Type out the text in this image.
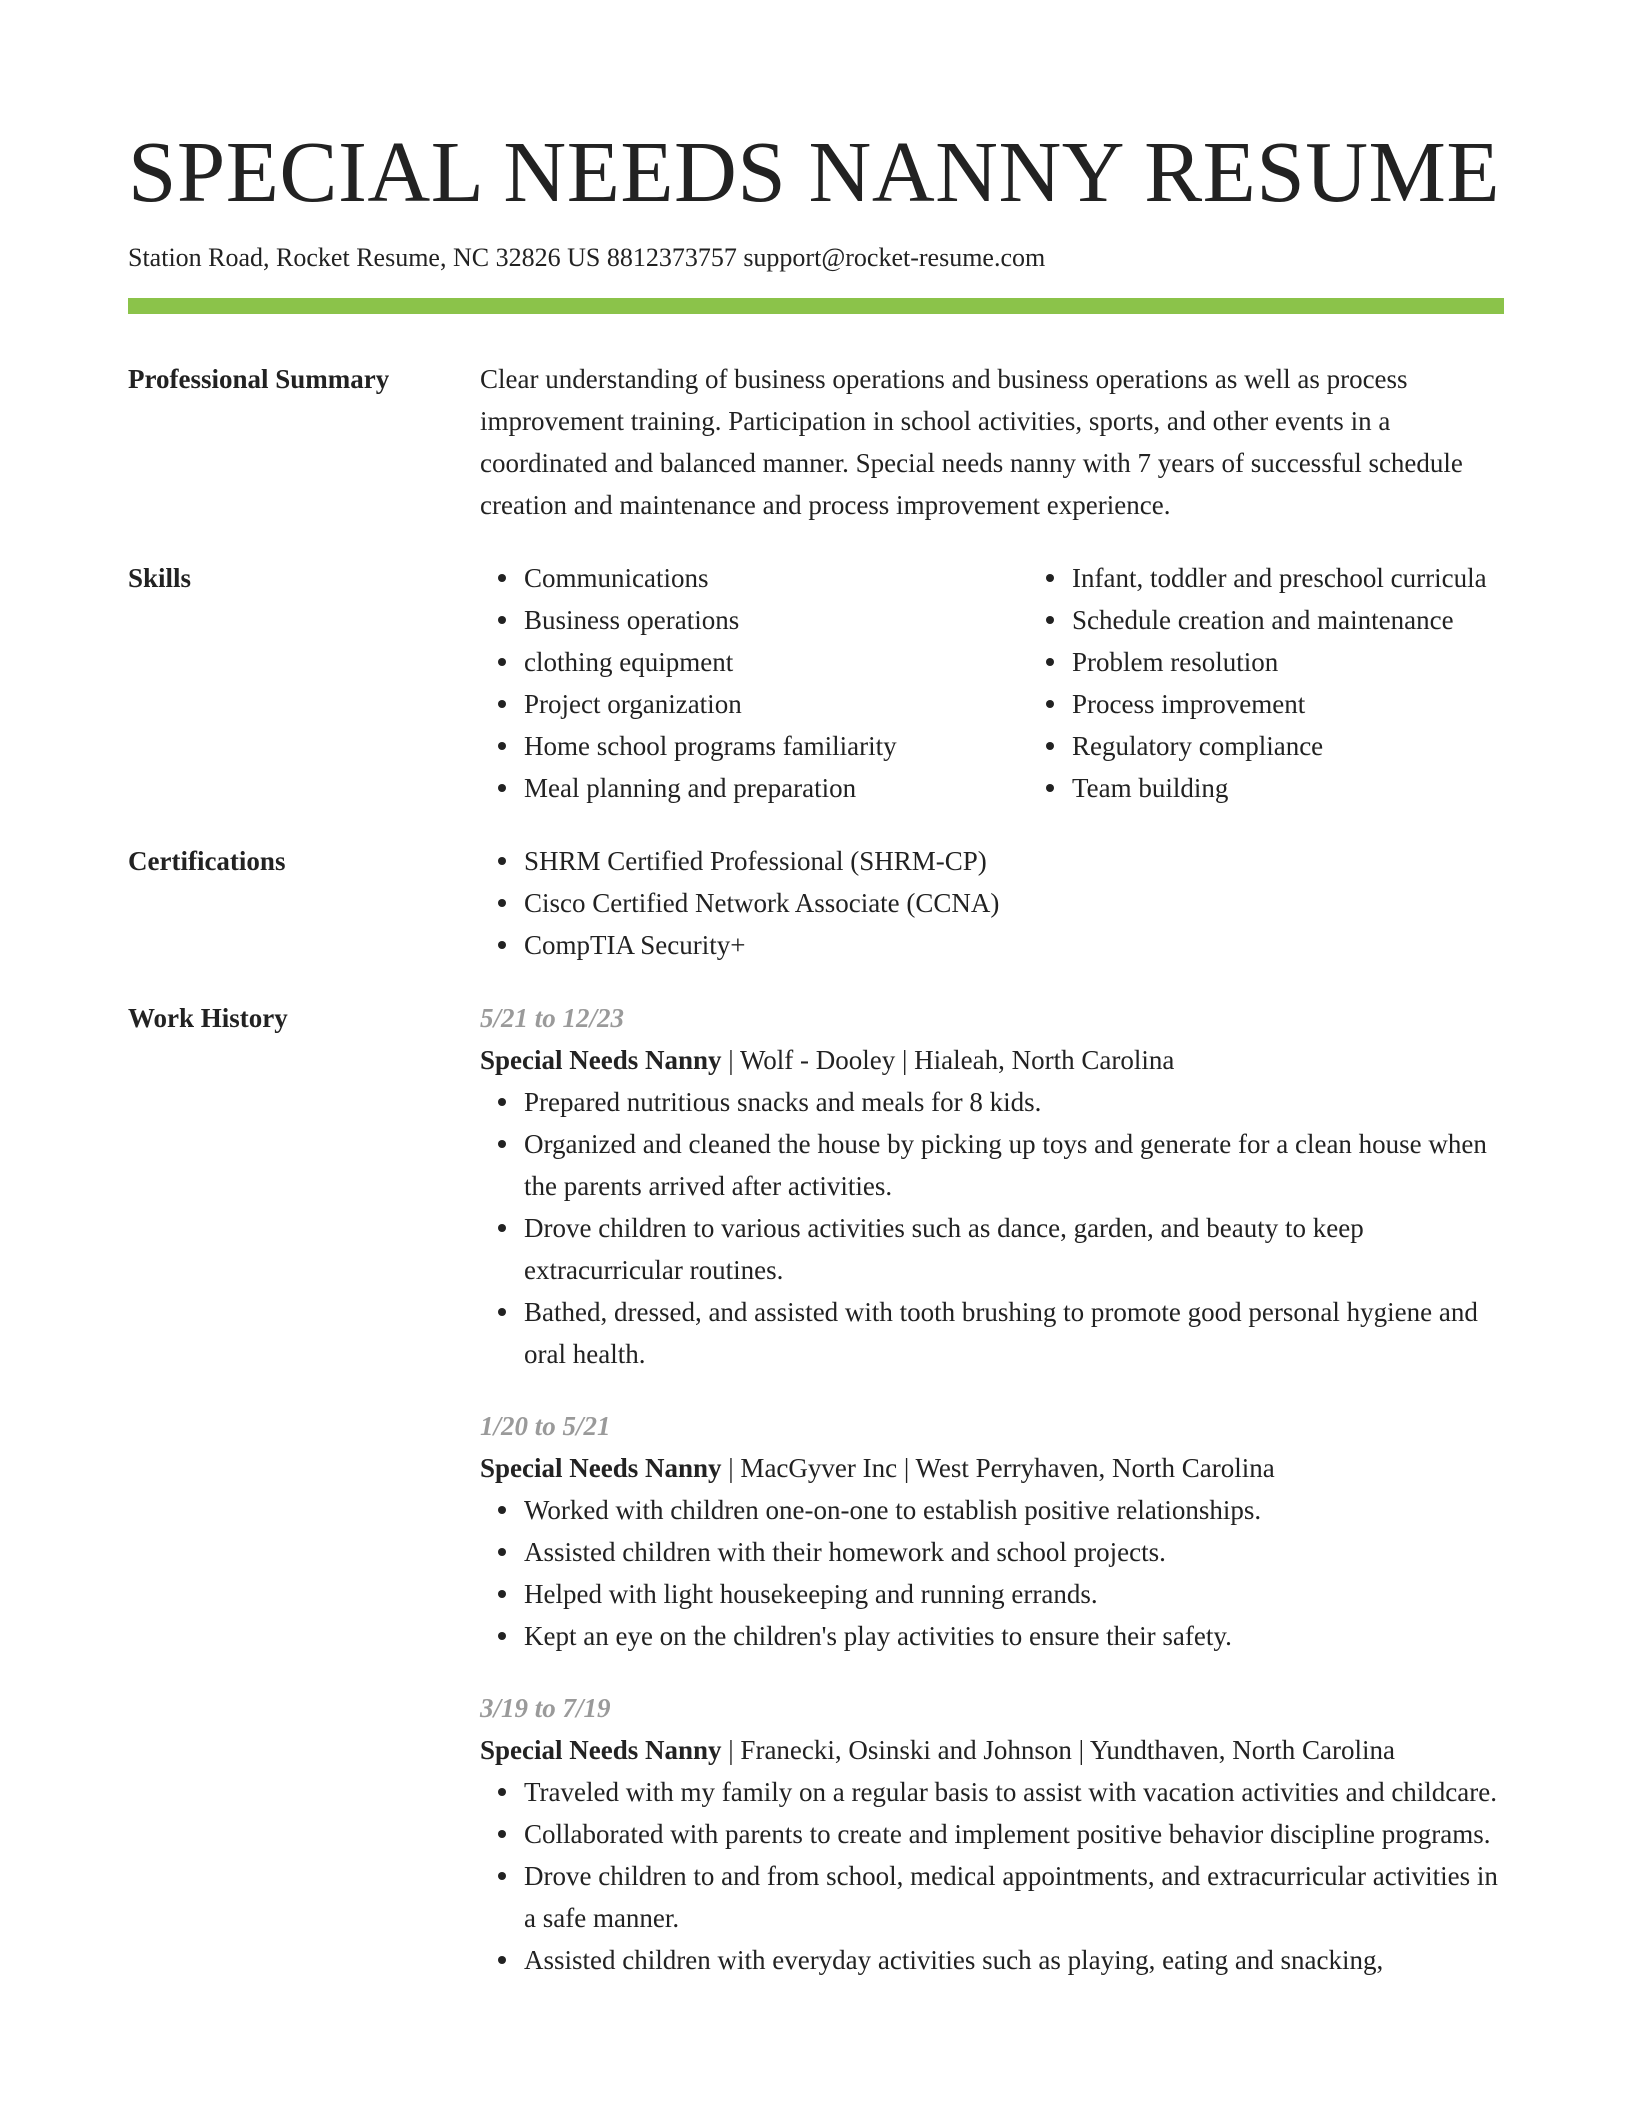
SPECIAL NEEDS NANNY RESUME
Station Road, Rocket Resume, NC 32826 US 8812373757 support@rocket-resume.com
Professional Summary	Clear understanding of business operations and business operations as well as process improvement training. Participation in school activities, sports, and other events in a coordinated and balanced manner. Special needs nanny with 7 years of successful schedule creation and maintenance and process improvement experience.

Skills	Communications
Business operations
clothing equipment
Project organization
Home school programs familiarity
Meal planning and preparation
Infant, toddler and preschool curricula
Schedule creation and maintenance
Problem resolution
Process improvement
Regulatory compliance
Team building
Certifications	SHRM Certified Professional (SHRM-CP)
Cisco Certified Network Associate (CCNA)
CompTIA Security+
Work History	5/21 to 12/23
Special Needs Nanny | Wolf - Dooley | Hialeah, North Carolina
Prepared nutritious snacks and meals for 8 kids.
Organized and cleaned the house by picking up toys and generate for a clean house when the parents arrived after activities.
Drove children to various activities such as dance, garden, and beauty to keep extracurricular routines.
Bathed, dressed, and assisted with tooth brushing to promote good personal hygiene and oral health.
1/20 to 5/21
Special Needs Nanny | MacGyver Inc | West Perryhaven, North Carolina
Worked with children one-on-one to establish positive relationships.
Assisted children with their homework and school projects.
Helped with light housekeeping and running errands.
Kept an eye on the children's play activities to ensure their safety.
3/19 to 7/19
Special Needs Nanny | Franecki, Osinski and Johnson | Yundthaven, North Carolina
Traveled with my family on a regular basis to assist with vacation activities and childcare.
Collaborated with parents to create and implement positive behavior discipline programs.
Drove children to and from school, medical appointments, and extracurricular activities in a safe manner.
Assisted children with everyday activities such as playing, eating and snacking,
